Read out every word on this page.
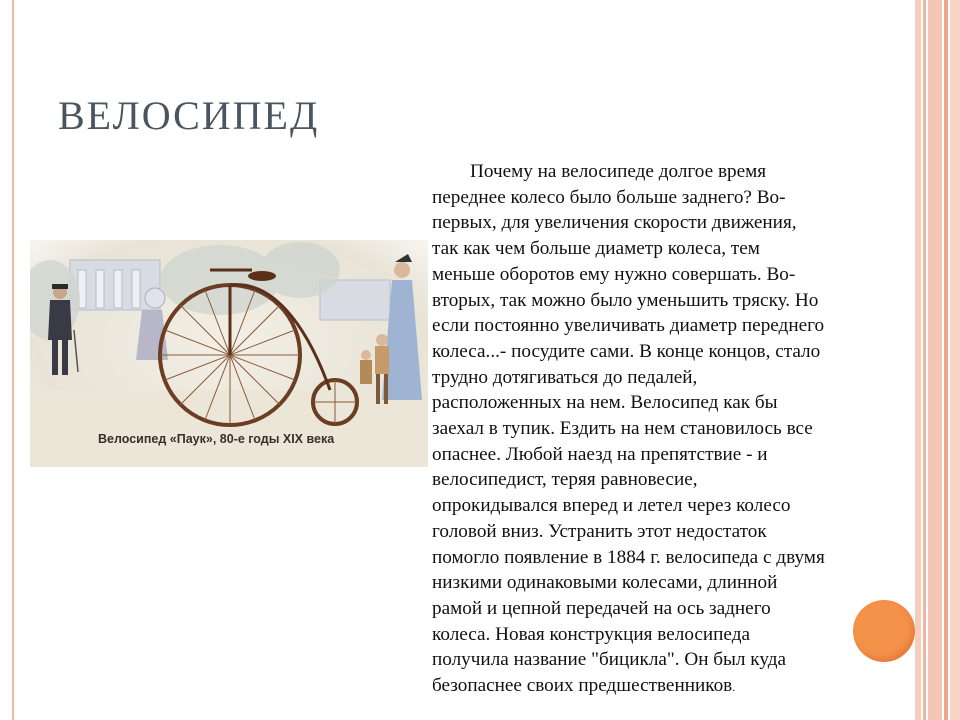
ВЕЛОСИПЕД
Велосипед «Паук», 80-е годы XIX века
Почему на велосипеде долгое время
переднее колесо было больше заднего? Во-
первых, для увеличения скорости движения,
так как чем больше диаметр колеса, тем
меньше оборотов ему нужно совершать. Во-
вторых, так можно было уменьшить тряску. Но
если постоянно увеличивать диаметр переднего
колеса...- посудите сами. В конце концов, стало
трудно дотягиваться до педалей,
расположенных на нем. Велосипед как бы
заехал в тупик. Ездить на нем становилось все
опаснее. Любой наезд на препятствие - и
велосипедист, теряя равновесие,
опрокидывался вперед и летел через колесо
головой вниз. Устранить этот недостаток
помогло появление в 1884 г. велосипеда с двумя
низкими одинаковыми колесами, длинной
рамой и цепной передачей на ось заднего
колеса. Новая конструкция велосипеда
получила название "бицикла". Он был куда
безопаснее своих предшественников.
